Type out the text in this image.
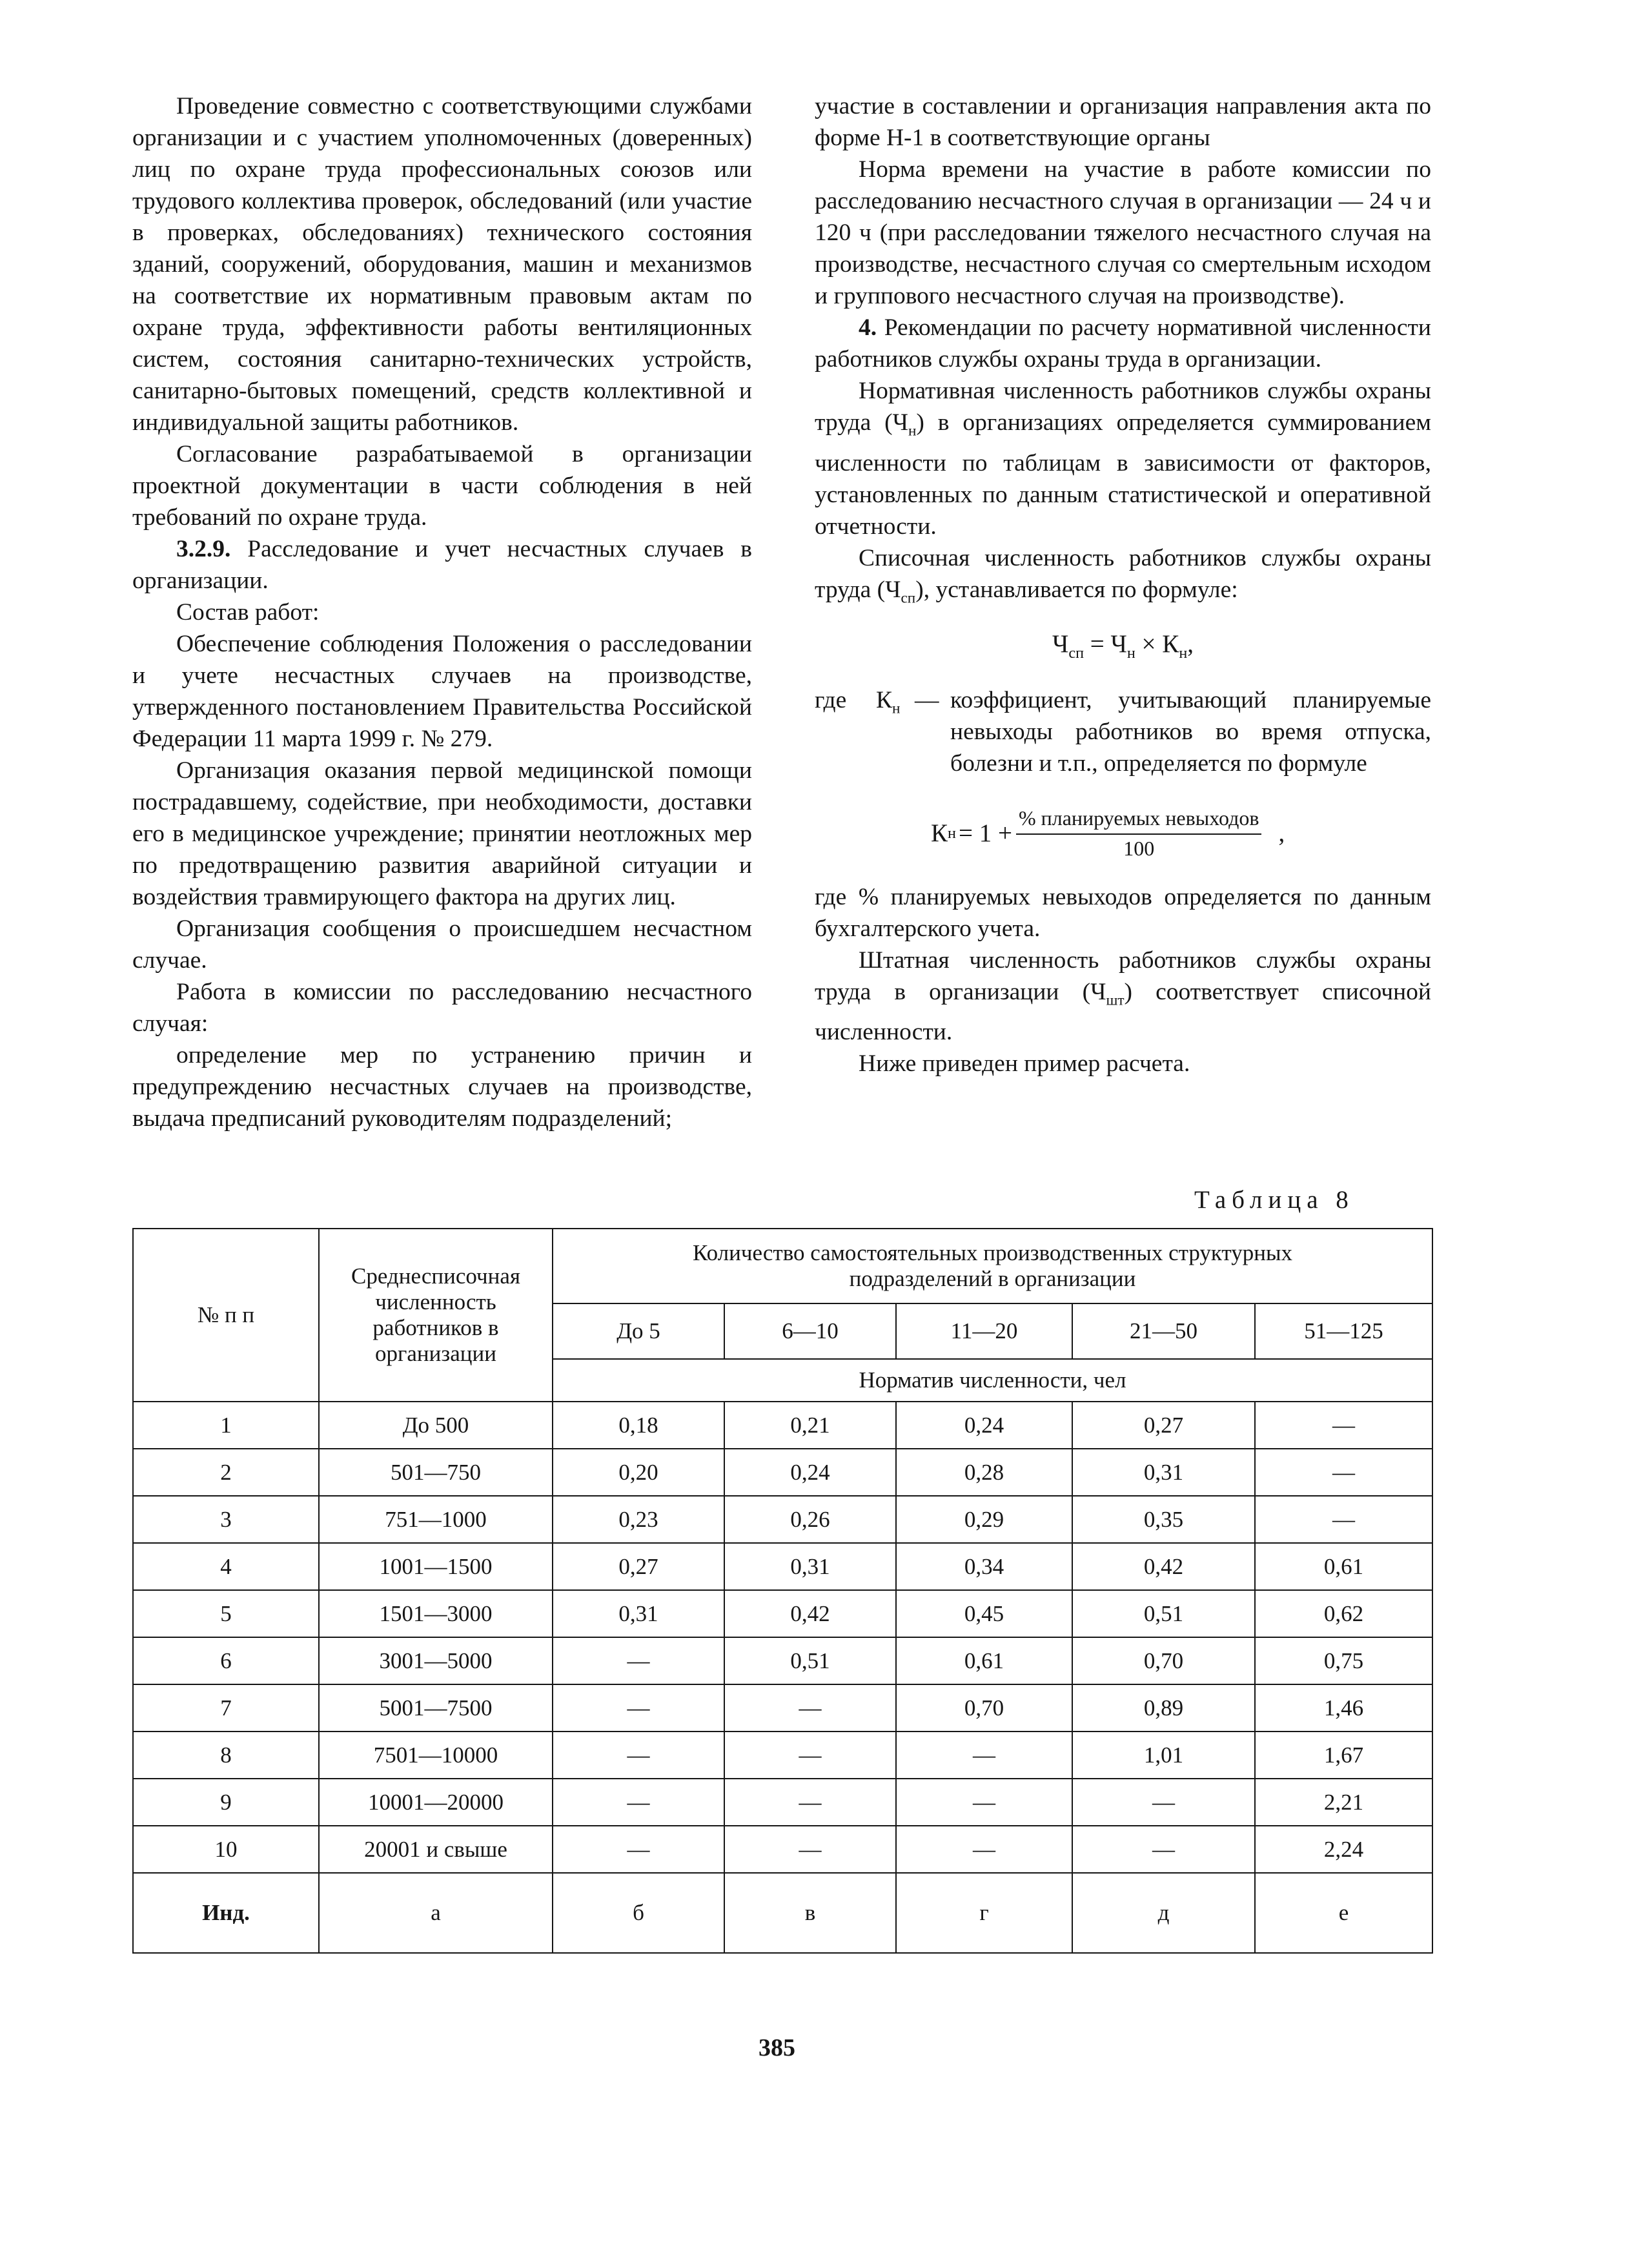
Проведение совместно с соответствующими службами организации и с участием уполномоченных (доверенных) лиц по охране труда профессиональных союзов или трудового коллектива проверок, обследований (или участие в проверках, обследованиях) технического состояния зданий, сооружений, оборудования, машин и механизмов на соответствие их нормативным правовым актам по охране труда, эффективности работы вентиляционных систем, состояния санитарно-технических устройств, санитарно-бытовых помещений, средств коллективной и индивидуальной защиты работников.

Согласование разрабатываемой в организации проектной документации в части соблюдения в ней требований по охране труда.

3.2.9. Расследование и учет несчастных случаев в организации.

Состав работ:

Обеспечение соблюдения Положения о расследовании и учете несчастных случаев на производстве, утвержденного постановлением Правительства Российской Федерации 11 марта 1999 г. № 279.

Организация оказания первой медицинской помощи пострадавшему, содействие, при необходимости, доставки его в медицинское учреждение; принятии неотложных мер по предотвращению развития аварийной ситуации и воздействия травмирующего фактора на других лиц.

Организация сообщения о происшедшем несчастном случае.

Работа в комиссии по расследованию несчастного случая:

определение мер по устранению причин и предупреждению несчастных случаев на производстве, выдача предписаний руководителям подразделений;

участие в составлении и организация направления акта по форме Н-1 в соответствующие органы

Норма времени на участие в работе комиссии по расследованию несчастного случая в организации — 24 ч и 120 ч (при расследовании тяжелого несчастного случая на производстве, несчастного случая со смертельным исходом и группового несчастного случая на производстве).

4. Рекомендации по расчету нормативной численности работников службы охраны труда в организации.

Нормативная численность работников службы охраны труда $(Ч_н)$ в организациях определяется суммированием численности по таблицам в зависимости от факторов, установленных по данным статистической и оперативной отчетности.

Списочная численность работников службы охраны труда $(Ч_{сп})$, устанавливается по формуле:

$Ч_{сп} = Ч_н \times К_н$,
где	$К_н$ — коэффициент, учитывающий планируемые невыходы работников во время отпуска, болезни и т.п., определяется по формуле
К $н = 1 + \frac{\text{\% планируемых невыходов}}{100}$ ,

где % планируемых невыходов определяется по данным бухгалтерского учета.

Штатная численность работников службы охраны труда в организации $(Ч_{шт})$ соответствует списочной численности.

Ниже приведен пример расчета.

Таблица 8
№ п п	Среднесписочная численность работников в организации	Количество самостоятельных производственных структурных подразделений в организации				
		До 5	6—10	11—20	21—50	51—125
		Норматив численности, чел				
1	До 500	0,18	0,21	0,24	0,27	—
2	501—750	0,20	0,24	0,28	0,31	—
3	751—1000	0,23	0,26	0,29	0,35	—
4	1001—1500	0,27	0,31	0,34	0,42	0,61
5	1501—3000	0,31	0,42	0,45	0,51	0,62
6	3001—5000	—	0,51	0,61	0,70	0,75
7	5001—7500	—	—	0,70	0,89	1,46
8	7501—10000	—	—	—	1,01	1,67
9	10001—20000	—	—	—	—	2,21
10	20001 и свыше	—	—	—	—	2,24
Инд.	а	б	в	г	д	е
385
